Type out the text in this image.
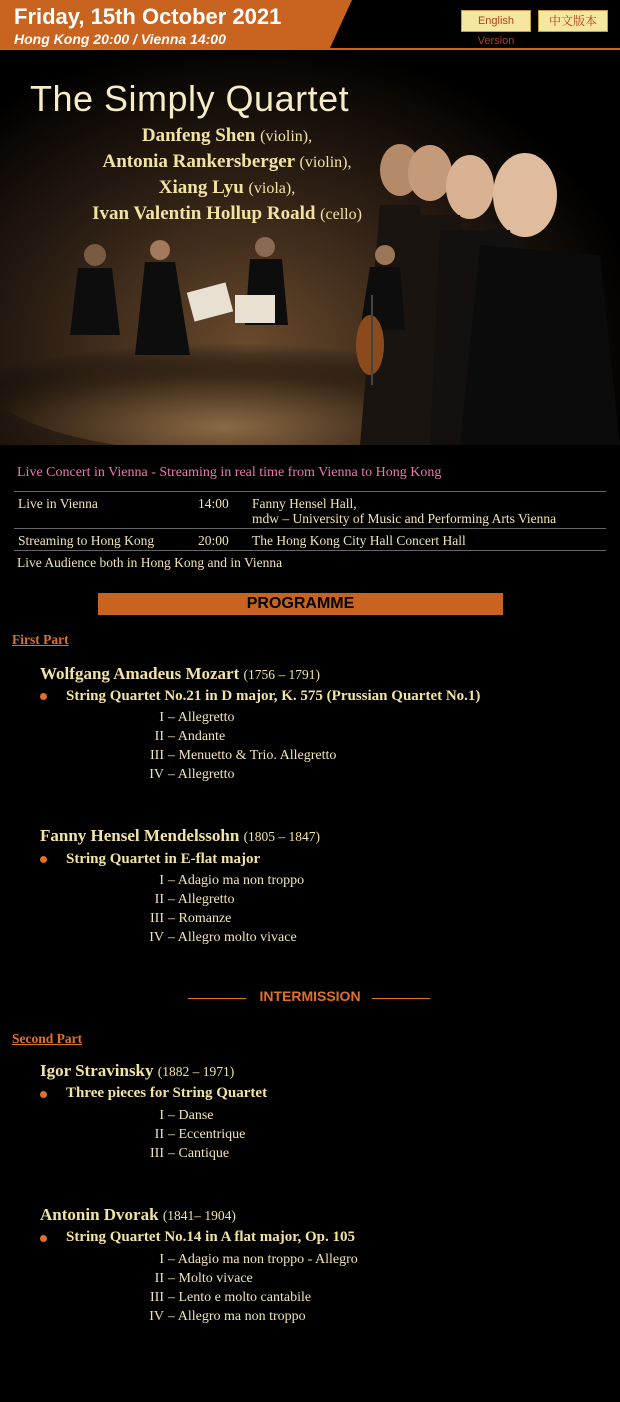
Friday, 15th October 2021
Hong Kong 20:00 / Vienna 14:00
English Version
中文版本
The Simply Quartet
Danfeng Shen (violin),
Antonia Rankersberger (violin),
Xiang Lyu (viola),
Ivan Valentin Hollup Roald (cello)
Live Concert in Vienna - Streaming in real time from Vienna to Hong Kong
Live in Vienna	14:00 Fanny Hensel Hall,
mdw – University of Music and Performing Arts Vienna
Streaming to Hong Kong	20:00 The Hong Kong City Hall Concert Hall
Live Audience both in Hong Kong and in Vienna
PROGRAMME
First Part
Wolfgang Amadeus Mozart (1756 – 1791)
String Quartet No.21 in D major, K. 575 (Prussian Quartet No.1)
I – Allegretto
II – Andante
III – Menuetto & Trio. Allegretto
IV – Allegretto
Fanny Hensel Mendelssohn (1805 – 1847)
String Quartet in E-flat major
I – Adagio ma non troppo
II – Allegretto
III – Romanze
IV – Allegro molto vivace
INTERMISSION
Second Part
Igor Stravinsky (1882 – 1971)
Three pieces for String Quartet
I – Danse
II – Eccentrique
III – Cantique
Antonin Dvorak (1841– 1904)
String Quartet No.14 in A flat major, Op. 105
I – Adagio ma non troppo - Allegro
II – Molto vivace
III – Lento e molto cantabile
IV – Allegro ma non troppo
